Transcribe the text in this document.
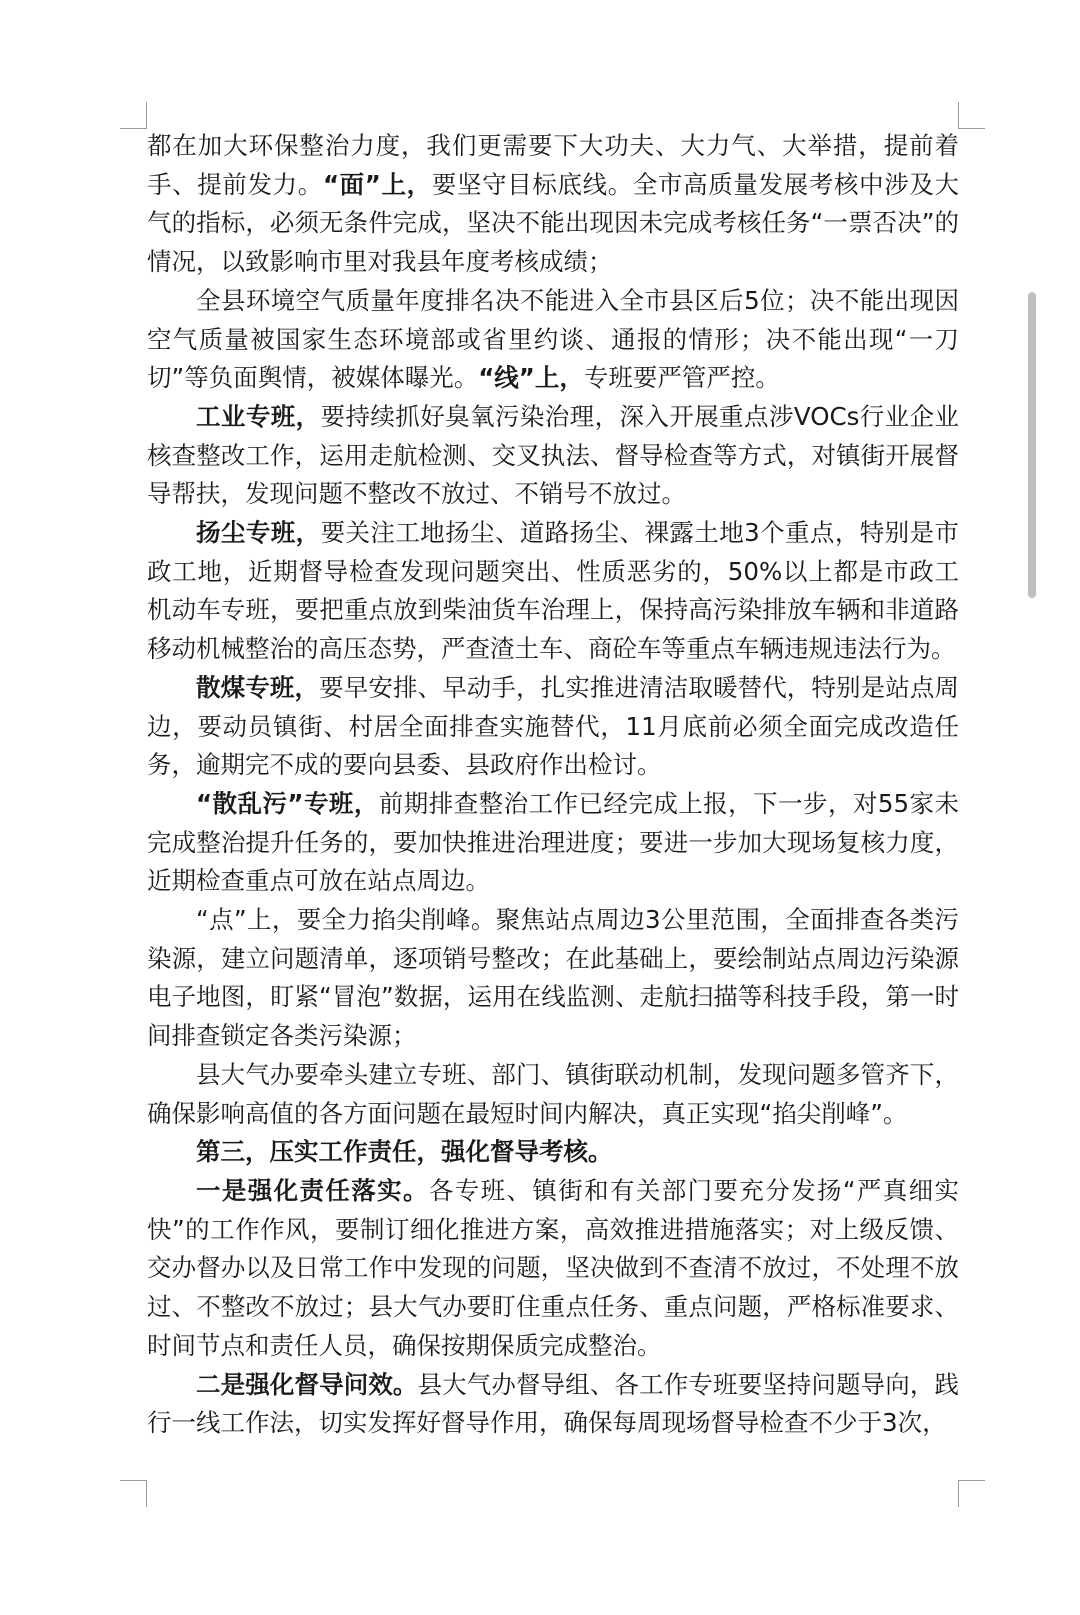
都在加大环保整治力度，我们更需要下大功夫、大力气、大举措，提前着手、提前发力。“面”上，要坚守目标底线。全市高质量发展考核中涉及大气的指标，必须无条件完成，坚决不能出现因未完成考核任务“一票否决”的情况，以致影响市里对我县年度考核成绩；

全县环境空气质量年度排名决不能进入全市县区后5位；决不能出现因空气质量被国家生态环境部或省里约谈、通报的情形；决不能出现“一刀切”等负面舆情，被媒体曝光。“线”上，专班要严管严控。

工业专班，要持续抓好臭氧污染治理，深入开展重点涉VOCs行业企业核查整改工作，运用走航检测、交叉执法、督导检查等方式，对镇街开展督导帮扶，发现问题不整改不放过、不销号不放过。

扬尘专班，要关注工地扬尘、道路扬尘、裸露土地3个重点，特别是市政工地，近期督导检查发现问题突出、性质恶劣的，50%以上都是市政工机动车专班，要把重点放到柴油货车治理上，保持高污染排放车辆和非道路移动机械整治的高压态势，严查渣土车、商砼车等重点车辆违规违法行为。

散煤专班，要早安排、早动手，扎实推进清洁取暖替代，特别是站点周边，要动员镇街、村居全面排查实施替代，11月底前必须全面完成改造任务，逾期完不成的要向县委、县政府作出检讨。

“散乱污”专班，前期排查整治工作已经完成上报，下一步，对55家未完成整治提升任务的，要加快推进治理进度；要进一步加大现场复核力度，近期检查重点可放在站点周边。

“点”上，要全力掐尖削峰。聚焦站点周边3公里范围，全面排查各类污染源，建立问题清单，逐项销号整改；在此基础上，要绘制站点周边污染源电子地图，盯紧“冒泡”数据，运用在线监测、走航扫描等科技手段，第一时间排查锁定各类污染源；

县大气办要牵头建立专班、部门、镇街联动机制，发现问题多管齐下，确保影响高值的各方面问题在最短时间内解决，真正实现“掐尖削峰”。

第三，压实工作责任，强化督导考核。

一是强化责任落实。各专班、镇街和有关部门要充分发扬“严真细实快”的工作作风，要制订细化推进方案，高效推进措施落实；对上级反馈、交办督办以及日常工作中发现的问题，坚决做到不查清不放过，不处理不放过、不整改不放过；县大气办要盯住重点任务、重点问题，严格标准要求、时间节点和责任人员，确保按期保质完成整治。

二是强化督导问效。县大气办督导组、各工作专班要坚持问题导向，践行一线工作法，切实发挥好督导作用，确保每周现场督导检查不少于3次，
